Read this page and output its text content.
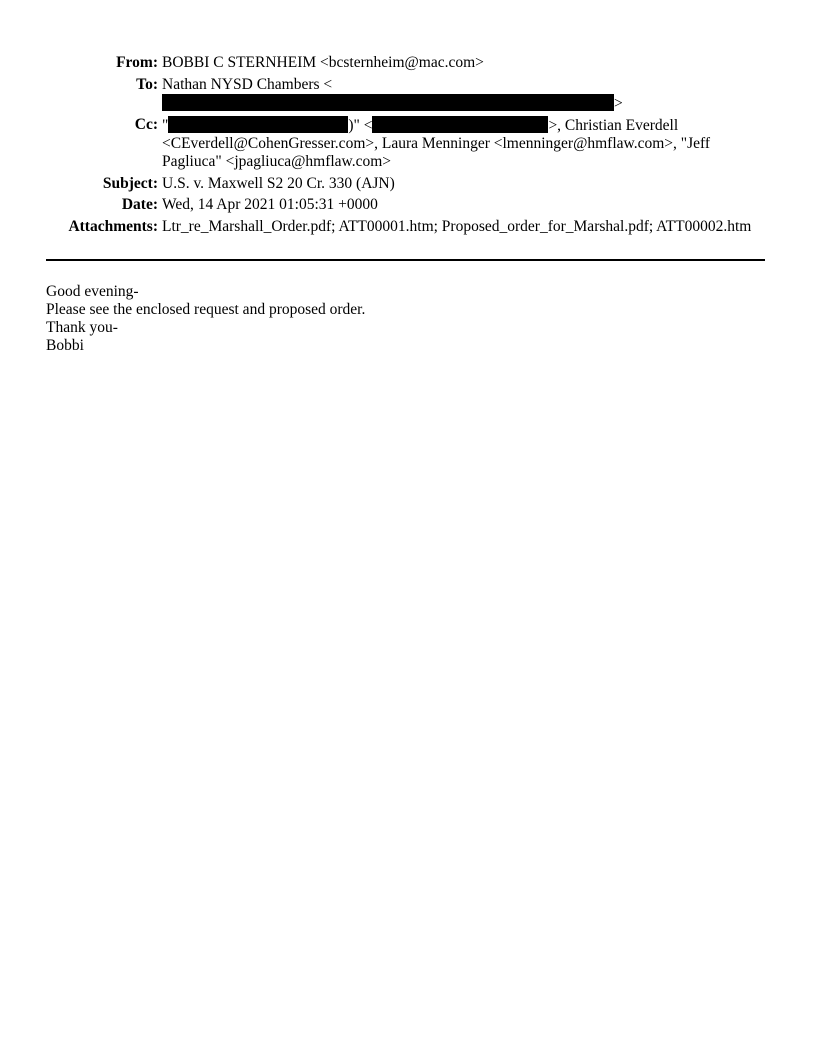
From: BOBBI C STERNHEIM <bcsternheim@mac.com>
To: Nathan NYSD Chambers <>
Cc: "	)" <	>, Christian Everdell <CEverdell@CohenGresser.com>, Laura Menninger <lmenninger@hmflaw.com>, "Jeff Pagliuca" <jpagliuca@hmflaw.com>
Subject: U.S. v. Maxwell S2 20 Cr. 330 (AJN)
Date: Wed, 14 Apr 2021 01:05:31 +0000
Attachments: Ltr_re_Marshall_Order.pdf; ATT00001.htm; Proposed_order_for_Marshal.pdf; ATT00002.htm
Good evening-
Please see the enclosed request and proposed order.
Thank you-
Bobbi
